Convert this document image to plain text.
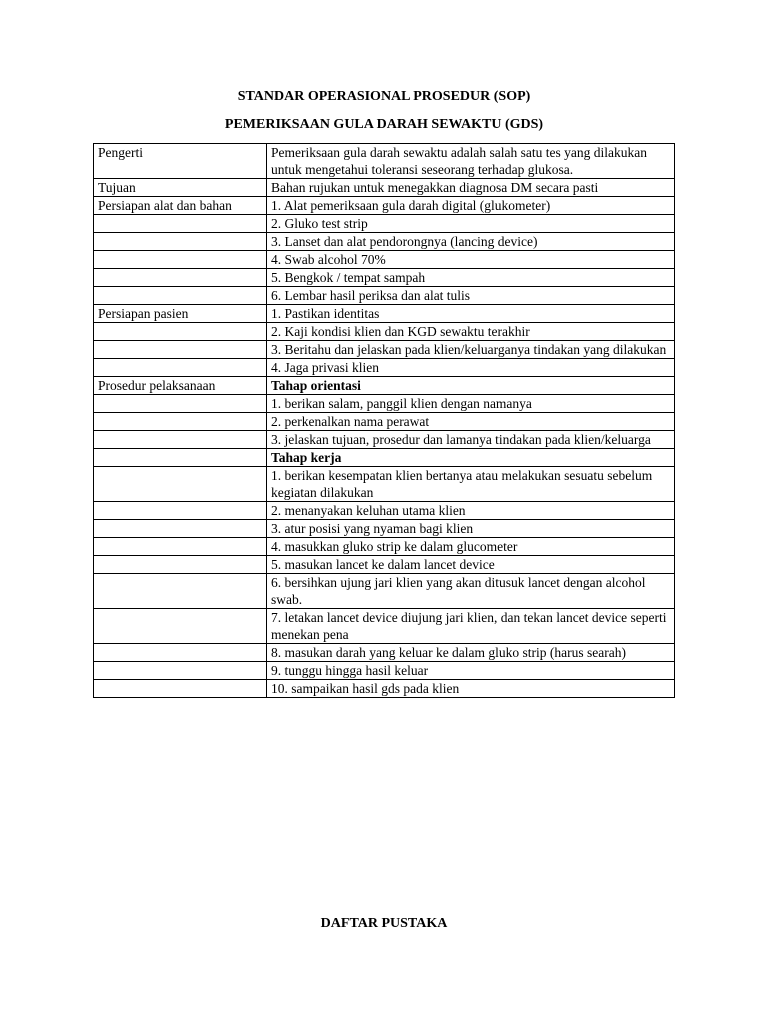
STANDAR OPERASIONAL PROSEDUR (SOP)
PEMERIKSAAN GULA DARAH SEWAKTU (GDS)
Pengerti	Pemeriksaan gula darah sewaktu adalah salah satu tes yang dilakukan untuk mengetahui toleransi seseorang terhadap glukosa.
Tujuan	Bahan rujukan untuk menegakkan diagnosa DM secara pasti
Persiapan alat dan bahan	1. Alat pemeriksaan gula darah digital (glukometer)
	2. Gluko test strip
	3. Lanset dan alat pendorongnya (lancing device)
	4. Swab alcohol 70%
	5. Bengkok / tempat sampah
	6. Lembar hasil periksa dan alat tulis
Persiapan pasien	1. Pastikan identitas
	2. Kaji kondisi klien dan KGD sewaktu terakhir
	3. Beritahu dan jelaskan pada klien/keluarganya tindakan yang dilakukan
	4. Jaga privasi klien
Prosedur pelaksanaan	Tahap orientasi
	1. berikan salam, panggil klien dengan namanya
	2. perkenalkan nama perawat
	3. jelaskan tujuan, prosedur dan lamanya tindakan pada klien/keluarga
	Tahap kerja
	1. berikan kesempatan klien bertanya atau melakukan sesuatu sebelum kegiatan dilakukan
	2. menanyakan keluhan utama klien
	3. atur posisi yang nyaman bagi klien
	4. masukkan gluko strip ke dalam glucometer
	5. masukan lancet ke dalam lancet device
	6. bersihkan ujung jari klien yang akan ditusuk lancet dengan alcohol swab.
	7. letakan lancet device diujung jari klien, dan tekan lancet device seperti menekan pena
	8. masukan darah yang keluar ke dalam gluko strip (harus searah)
	9. tunggu hingga hasil keluar
	10. sampaikan hasil gds pada klien
DAFTAR PUSTAKA
